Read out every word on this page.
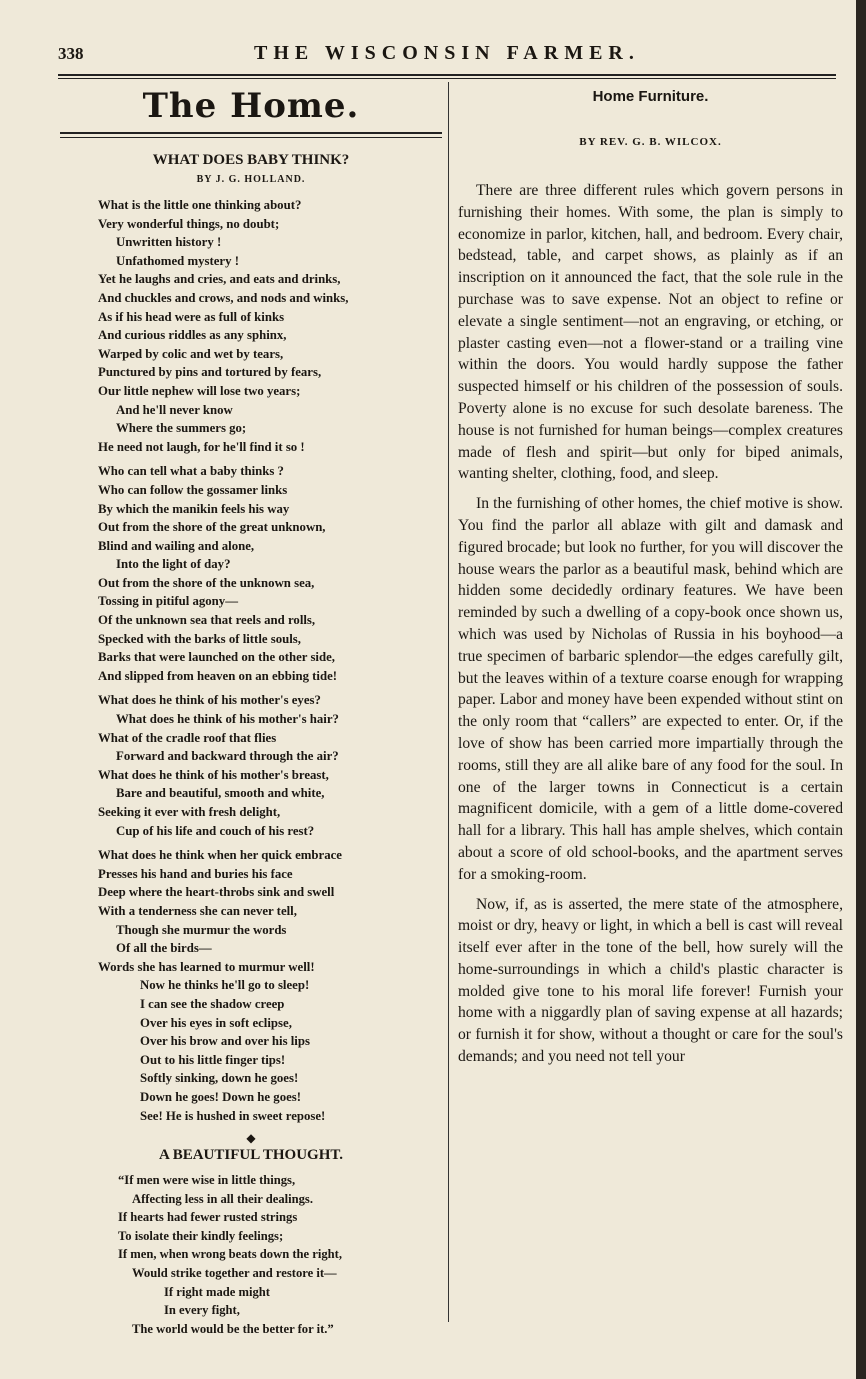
338	THE WISCONSIN FARMER.
The Home.
WHAT DOES BABY THINK?
BY J. G. HOLLAND.
What is the little one thinking about?
Very wonderful things, no doubt;
Unwritten history !
Unfathomed mystery !
Yet he laughs and cries, and eats and drinks,
And chuckles and crows, and nods and winks,
As if his head were as full of kinks
And curious riddles as any sphinx,
Warped by colic and wet by tears,
Punctured by pins and tortured by fears,
Our little nephew will lose two years;
And he'll never know
Where the summers go;
He need not laugh, for he'll find it so !
Who can tell what a baby thinks ?
Who can follow the gossamer links
By which the manikin feels his way
Out from the shore of the great unknown,
Blind and wailing and alone,
Into the light of day?
Out from the shore of the unknown sea,
Tossing in pitiful agony—
Of the unknown sea that reels and rolls,
Specked with the barks of little souls,
Barks that were launched on the other side,
And slipped from heaven on an ebbing tide!
What does he think of his mother's eyes?
What does he think of his mother's hair?
What of the cradle roof that flies
Forward and backward through the air?
What does he think of his mother's breast,
Bare and beautiful, smooth and white,
Seeking it ever with fresh delight,
Cup of his life and couch of his rest?
What does he think when her quick embrace
Presses his hand and buries his face
Deep where the heart-throbs sink and swell
With a tenderness she can never tell,
Though she murmur the words
Of all the birds—
Words she has learned to murmur well!
Now he thinks he'll go to sleep!
I can see the shadow creep
Over his eyes in soft eclipse,
Over his brow and over his lips
Out to his little finger tips!
Softly sinking, down he goes!
Down he goes! Down he goes!
See! He is hushed in sweet repose!
◆
A BEAUTIFUL THOUGHT.
“If men were wise in little things,
Affecting less in all their dealings.
If hearts had fewer rusted strings
To isolate their kindly feelings;
If men, when wrong beats down the right,
Would strike together and restore it—
If right made might
In every fight,
The world would be the better for it.”
Home Furniture.
BY REV. G. B. WILCOX.

There are three different rules which govern persons in furnishing their homes. With some, the plan is simply to economize in parlor, kitchen, hall, and bedroom. Every chair, bedstead, table, and carpet shows, as plainly as if an inscription on it announced the fact, that the sole rule in the purchase was to save expense. Not an object to refine or elevate a single sentiment—not an engraving, or etching, or plaster casting even—not a flower-stand or a trailing vine within the doors. You would hardly suppose the father suspected himself or his children of the possession of souls. Poverty alone is no excuse for such desolate bareness. The house is not furnished for human beings—complex creatures made of flesh and spirit—but only for biped animals, wanting shelter, clothing, food, and sleep.

In the furnishing of other homes, the chief motive is show. You find the parlor all ablaze with gilt and damask and figured brocade; but look no further, for you will discover the house wears the parlor as a beautiful mask, behind which are hidden some decidedly ordinary features. We have been reminded by such a dwelling of a copy-book once shown us, which was used by Nicholas of Russia in his boyhood—a true specimen of barbaric splendor—the edges carefully gilt, but the leaves within of a texture coarse enough for wrapping paper. Labor and money have been expended without stint on the only room that “callers” are expected to enter. Or, if the love of show has been carried more impartially through the rooms, still they are all alike bare of any food for the soul. In one of the larger towns in Connecticut is a certain magnificent domicile, with a gem of a little dome-covered hall for a library. This hall has ample shelves, which contain about a score of old school-books, and the apartment serves for a smoking-room.

Now, if, as is asserted, the mere state of the atmosphere, moist or dry, heavy or light, in which a bell is cast will reveal itself ever after in the tone of the bell, how surely will the home-surroundings in which a child's plastic character is molded give tone to his moral life forever! Furnish your home with a niggardly plan of saving expense at all hazards; or furnish it for show, without a thought or care for the soul's demands; and you need not tell your
